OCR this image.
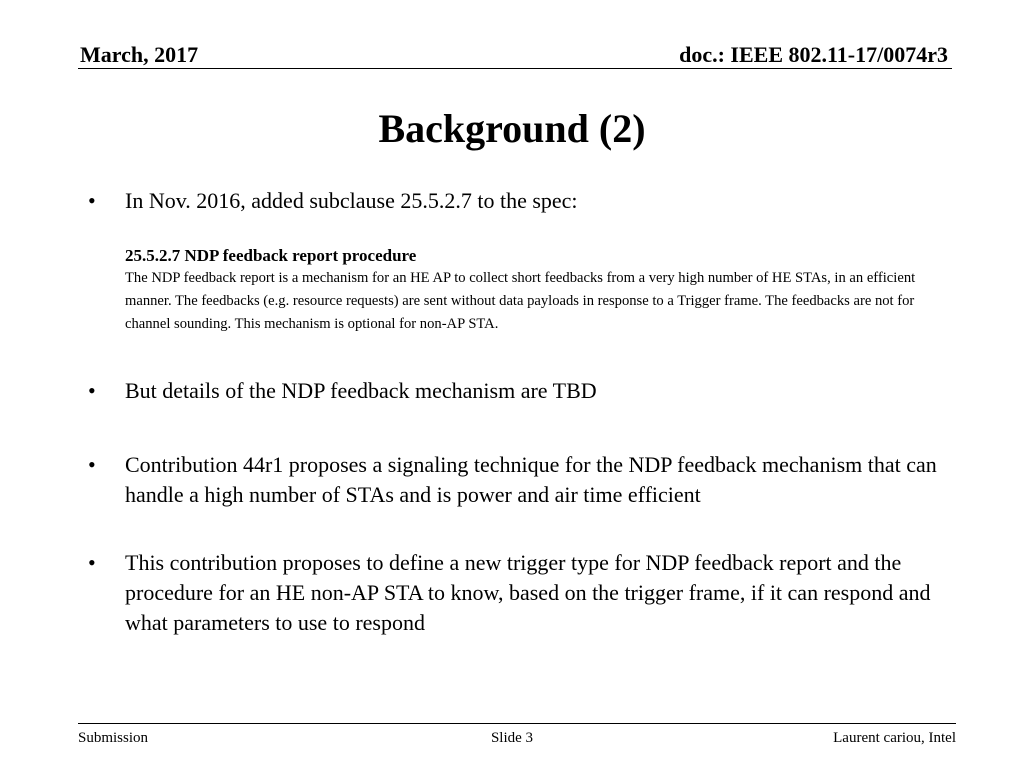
March, 2017	doc.: IEEE 802.11-17/0074r3
Background (2)
• In Nov. 2016, added subclause 25.5.2.7 to the spec:
25.5.2.7 NDP feedback report procedure
The NDP feedback report is a mechanism for an HE AP to collect short feedbacks from a very high number of HE STAs, in an efficient manner. The feedbacks (e.g. resource requests) are sent without data payloads in response to a Trigger frame. The feedbacks are not for channel sounding. This mechanism is optional for non-AP STA.
• But details of the NDP feedback mechanism are TBD
• Contribution 44r1 proposes a signaling technique for the NDP feedback mechanism that can handle a high number of STAs and is power and air time efficient
• This contribution proposes to define a new trigger type for NDP feedback report and the procedure for an HE non-AP STA to know, based on the trigger frame, if it can respond and what parameters to use to respond
Submission	Slide 3	Laurent cariou, Intel
